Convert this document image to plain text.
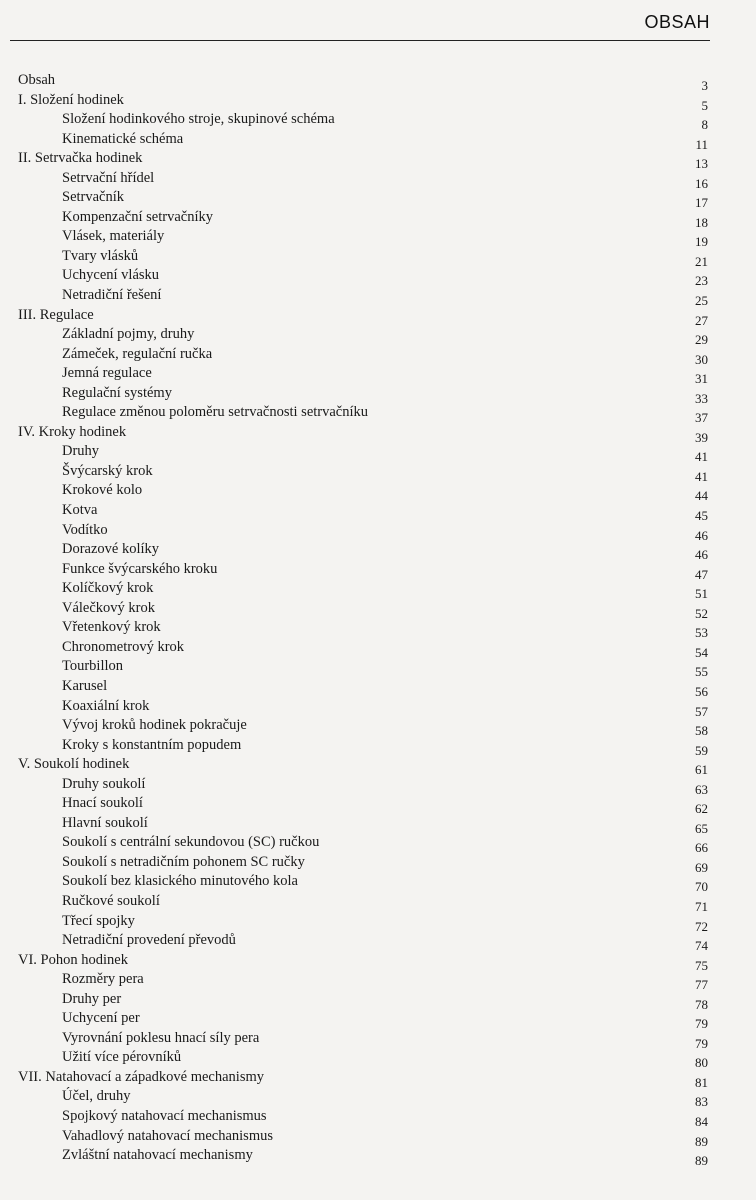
OBSAH
Obsah	3
I. Složení hodinek	5
Složení hodinkového stroje, skupinové schéma	8
Kinematické schéma	11
II. Setrvačka hodinek	13
Setrvační hřídel	16
Setrvačník	17
Kompenzační setrvačníky	18
Vlásek, materiály	19
Tvary vlásků	21
Uchycení vlásku	23
Netradiční řešení	25
III. Regulace	27
Základní pojmy, druhy	29
Zámeček, regulační ručka	30
Jemná regulace	31
Regulační systémy	33
Regulace změnou poloměru setrvačnosti setrvačníku	37
IV. Kroky hodinek	39
Druhy	41
Švýcarský krok	41
Krokové kolo	44
Kotva	45
Vodítko	46
Dorazové kolíky	46
Funkce švýcarského kroku	47
Kolíčkový krok	51
Válečkový krok	52
Vřetenkový krok	53
Chronometrový krok	54
Tourbillon	55
Karusel	56
Koaxiální krok	57
Vývoj kroků hodinek pokračuje	58
Kroky s konstantním popudem	59
V. Soukolí hodinek	61
Druhy soukolí	63
Hnací soukolí	62
Hlavní soukolí	65
Soukolí s centrální sekundovou (SC) ručkou	66
Soukolí s netradičním pohonem SC ručky	69
Soukolí bez klasického minutového kola	70
Ručkové soukolí	71
Třecí spojky	72
Netradiční provedení převodů	74
VI. Pohon hodinek	75
Rozměry pera	77
Druhy per	78
Uchycení per	79
Vyrovnání poklesu hnací síly pera	79
Užití více pérovníků	80
VII. Natahovací a západkové mechanismy	81
Účel, druhy	83
Spojkový natahovací mechanismus	84
Vahadlový natahovací mechanismus	89
Zvláštní natahovací mechanismy	89
